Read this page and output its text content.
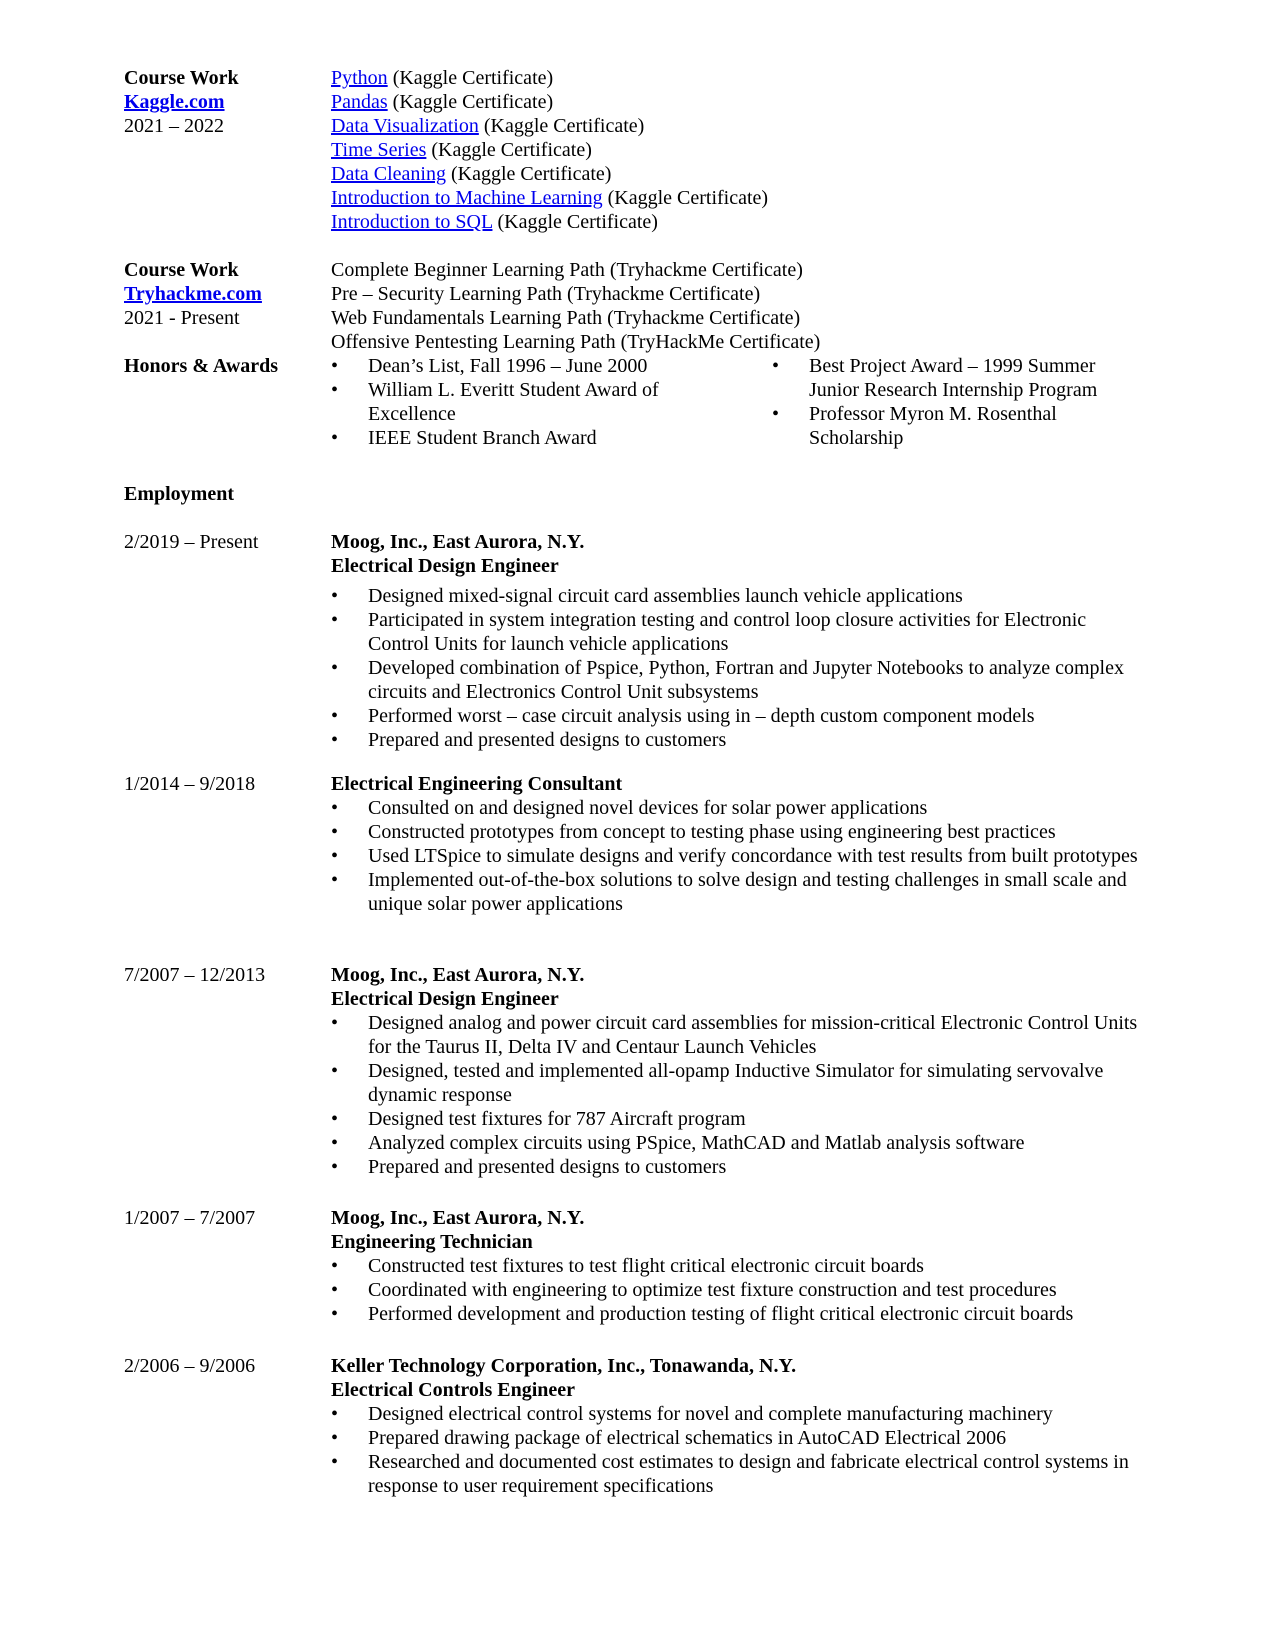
Course Work
Kaggle.com
2021 – 2022
Python (Kaggle Certificate)
Pandas (Kaggle Certificate)
Data Visualization (Kaggle Certificate)
Time Series (Kaggle Certificate)
Data Cleaning (Kaggle Certificate)
Introduction to Machine Learning (Kaggle Certificate)
Introduction to SQL (Kaggle Certificate)
Course Work
Tryhackme.com
2021 - Present
Complete Beginner Learning Path (Tryhackme Certificate)
Pre – Security Learning Path (Tryhackme Certificate)
Web Fundamentals Learning Path (Tryhackme Certificate)
Offensive Pentesting Learning Path (TryHackMe Certificate)
Honors & Awards	•	Dean’s List, Fall 1996 – June 2000
•	William L. Everitt Student Award of Excellence
•	IEEE Student Branch Award
•	Best Project Award – 1999 Summer Junior Research Internship Program
•	Professor Myron M. Rosenthal Scholarship
Employment
2/2019 – Present	Moog, Inc., East Aurora, N.Y.
Electrical Design Engineer
•	Designed mixed-signal circuit card assemblies launch vehicle applications
•	Participated in system integration testing and control loop closure activities for Electronic Control Units for launch vehicle applications
•	Developed combination of Pspice, Python, Fortran and Jupyter Notebooks to analyze complex circuits and Electronics Control Unit subsystems
•	Performed worst – case circuit analysis using in – depth custom component models
•	Prepared and presented designs to customers
1/2014 – 9/2018	Electrical Engineering Consultant
•	Consulted on and designed novel devices for solar power applications
•	Constructed prototypes from concept to testing phase using engineering best practices
•	Used LTSpice to simulate designs and verify concordance with test results from built prototypes
•	Implemented out-of-the-box solutions to solve design and testing challenges in small scale and unique solar power applications
7/2007 – 12/2013	Moog, Inc., East Aurora, N.Y.
Electrical Design Engineer
•	Designed analog and power circuit card assemblies for mission-critical Electronic Control Units for the Taurus II, Delta IV and Centaur Launch Vehicles
•	Designed, tested and implemented all-opamp Inductive Simulator for simulating servovalve dynamic response
•	Designed test fixtures for 787 Aircraft program
•	Analyzed complex circuits using PSpice, MathCAD and Matlab analysis software
•	Prepared and presented designs to customers
1/2007 – 7/2007	Moog, Inc., East Aurora, N.Y.
Engineering Technician
•	Constructed test fixtures to test flight critical electronic circuit boards
•	Coordinated with engineering to optimize test fixture construction and test procedures
•	Performed development and production testing of flight critical electronic circuit boards
2/2006 – 9/2006	Keller Technology Corporation, Inc., Tonawanda, N.Y.
Electrical Controls Engineer
•	Designed electrical control systems for novel and complete manufacturing machinery
•	Prepared drawing package of electrical schematics in AutoCAD Electrical 2006
•	Researched and documented cost estimates to design and fabricate electrical control systems in response to user requirement specifications
